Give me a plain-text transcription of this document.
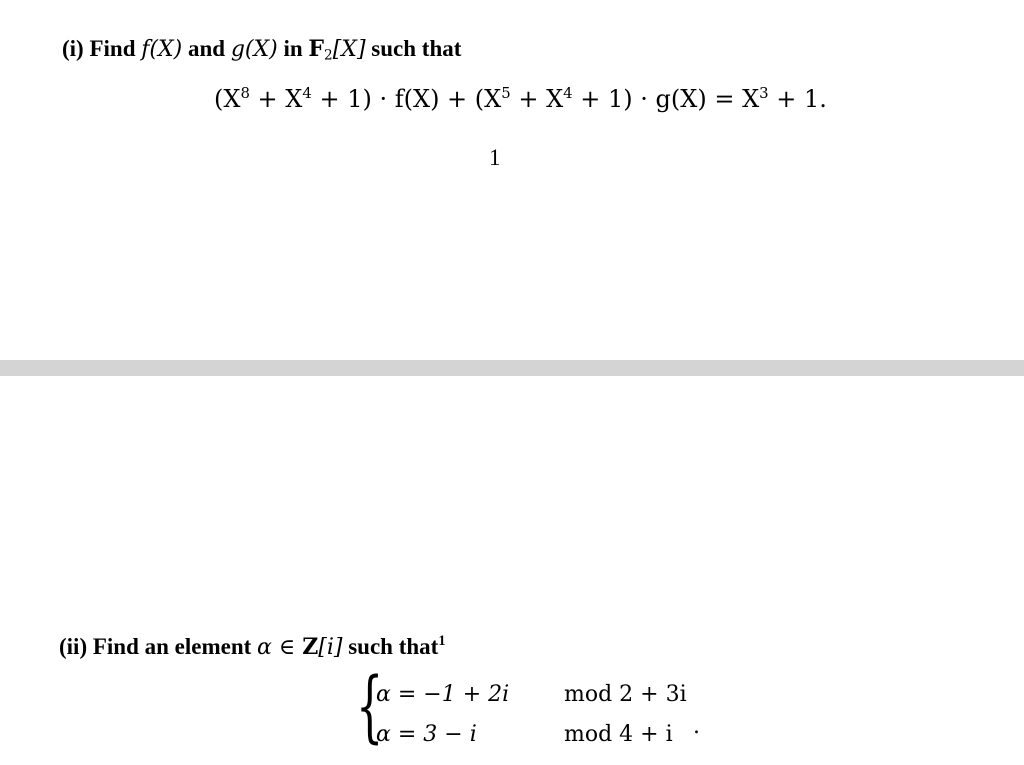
(i) Find f(X) and g(X) in $F_2[X]$ such that
$(X^8 + X^4 + 1) \cdot f(X) + (X^5 + X^4 + 1) \cdot g(X) = X^3 + 1$.
1
(ii) Find an element α ∈ Z[i] such that$^1$
{
α = −1 + 2i mod 2 + 3i
α = 3 − i	mod 4 + i .
